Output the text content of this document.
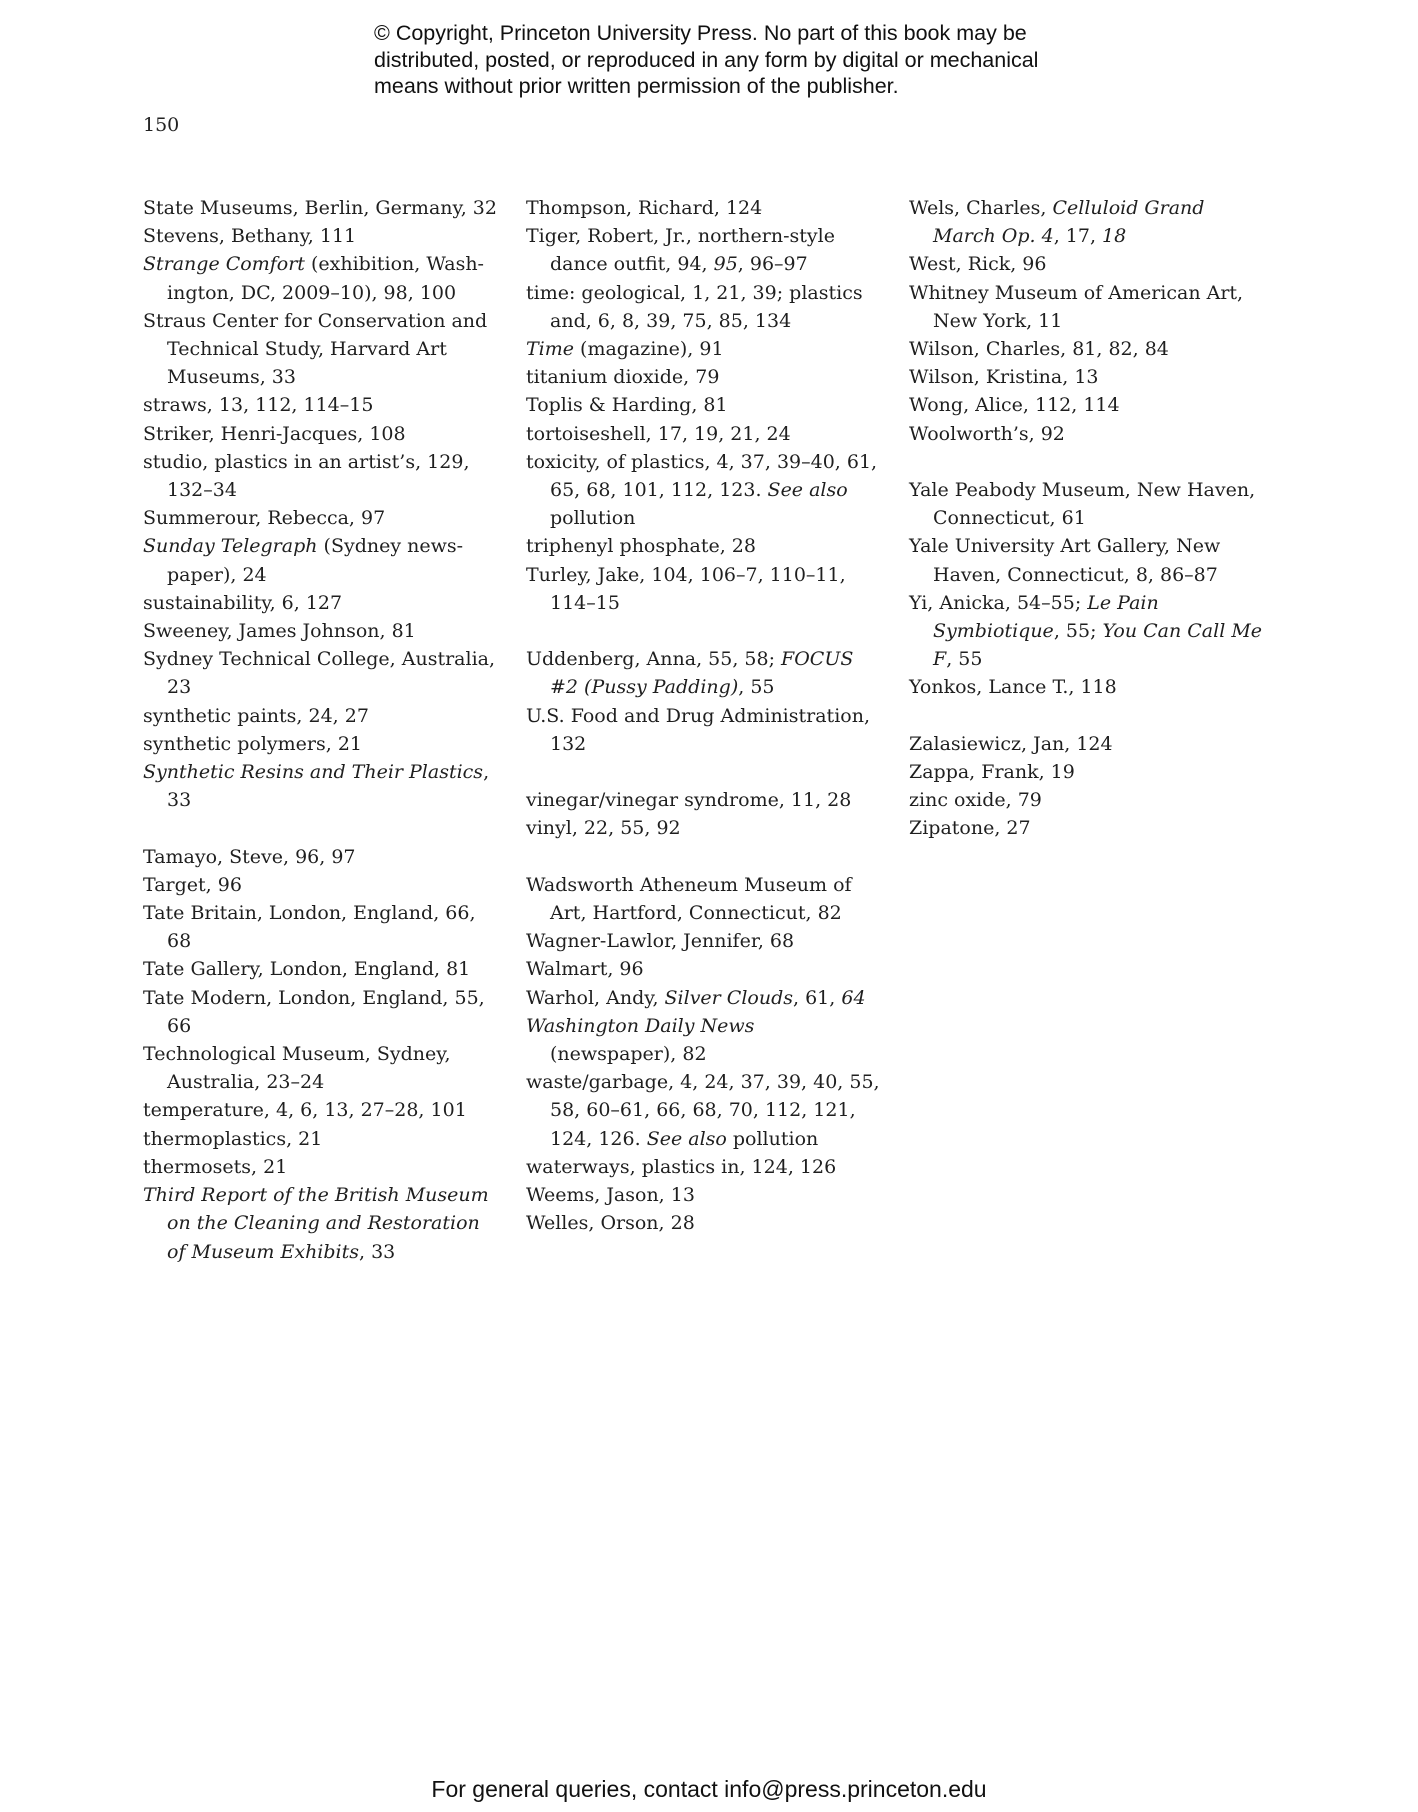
© Copyright, Princeton University Press. No part of this book may be
distributed, posted, or reproduced in any form by digital or mechanical
means without prior written permission of the publisher.
150

State Museums, Berlin, Germany, 32

Stevens, Bethany, 111

Strange Comfort (exhibition, Wash-ington, DC, 2009–10), 98, 100

Straus Center for Conservation and Technical Study, Harvard Art Museums, 33

straws, 13, 112, 114–15

Striker, Henri-Jacques, 108

studio, plastics in an artist’s, 129, 132–34

Summerour, Rebecca, 97

Sunday Telegraph (Sydney news-paper), 24

sustainability, 6, 127

Sweeney, James Johnson, 81

Sydney Technical College, Australia, 23

synthetic paints, 24, 27

synthetic polymers, 21

Synthetic Resins and Their Plastics, 33

Tamayo, Steve, 96, 97

Target, 96

Tate Britain, London, England, 66, 68

Tate Gallery, London, England, 81

Tate Modern, London, England, 55, 66

Technological Museum, Sydney, Australia, 23–24

temperature, 4, 6, 13, 27–28, 101

thermoplastics, 21

thermosets, 21

Third Report of the British Museum on the Cleaning and Restoration of Museum Exhibits, 33

Thompson, Richard, 124

Tiger, Robert, Jr., northern-style dance outfit, 94, 95, 96–97

time: geological, 1, 21, 39; plastics and, 6, 8, 39, 75, 85, 134

Time (magazine), 91

titanium dioxide, 79

Toplis & Harding, 81

tortoiseshell, 17, 19, 21, 24

toxicity, of plastics, 4, 37, 39–40, 61, 65, 68, 101, 112, 123. See also pollution

triphenyl phosphate, 28

Turley, Jake, 104, 106–7, 110–11, 114–15

Uddenberg, Anna, 55, 58; FOCUS #2 (Pussy Padding), 55

U.S. Food and Drug Administration, 132

vinegar/vinegar syndrome, 11, 28

vinyl, 22, 55, 92

Wadsworth Atheneum Museum of Art, Hartford, Connecticut, 82

Wagner-Lawlor, Jennifer, 68

Walmart, 96

Warhol, Andy, Silver Clouds, 61, 64

Washington Daily News (newspaper), 82

waste/garbage, 4, 24, 37, 39, 40, 55, 58, 60–61, 66, 68, 70, 112, 121, 124, 126. See also pollution

waterways, plastics in, 124, 126

Weems, Jason, 13

Welles, Orson, 28

Wels, Charles, Celluloid Grand March Op. 4, 17, 18

West, Rick, 96

Whitney Museum of American Art, New York, 11

Wilson, Charles, 81, 82, 84

Wilson, Kristina, 13

Wong, Alice, 112, 114

Woolworth’s, 92

Yale Peabody Museum, New Haven, Connecticut, 61

Yale University Art Gallery, New Haven, Connecticut, 8, 86–87

Yi, Anicka, 54–55; Le Pain Symbiotique, 55; You Can Call Me F, 55

Yonkos, Lance T., 118

Zalasiewicz, Jan, 124

Zappa, Frank, 19

zinc oxide, 79

Zipatone, 27

For general queries, contact info@press.princeton.edu
